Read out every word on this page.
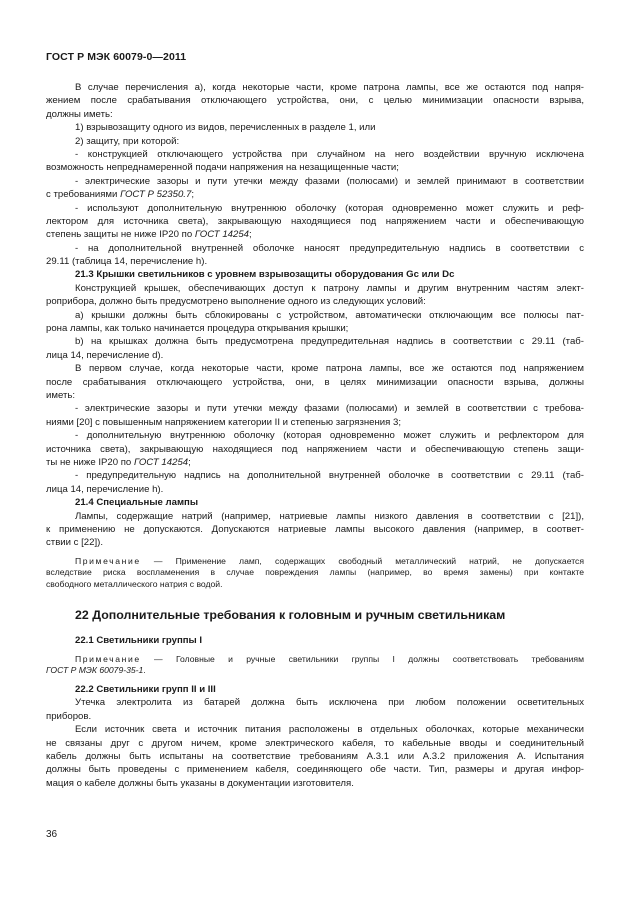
ГОСТ Р МЭК 60079-0—2011
В случае перечисления а), когда некоторые части, кроме патрона лампы, все же остаются под напря-
жением после срабатывания отключающего устройства, они, с целью минимизации опасности взрыва,
должны иметь:
1) взрывозащиту одного из видов, перечисленных в разделе 1, или
2) защиту, при которой:
- конструкцией отключающего устройства при случайном на него воздействии вручную исключена
возможность непреднамеренной подачи напряжения на незащищенные части;
- электрические зазоры и пути утечки между фазами (полюсами) и землей принимают в соответствии
с требованиями ГОСТ Р 52350.7;
- используют дополнительную внутреннюю оболочку (которая одновременно может служить и реф-
лектором для источника света), закрывающую находящиеся под напряжением части и обеспечивающую
степень защиты не ниже IP20 по ГОСТ 14254;
- на дополнительной внутренней оболочке наносят предупредительную надпись в соответствии с
29.11 (таблица 14, перечисление h).
21.3 Крышки светильников с уровнем взрывозащиты оборудования Gc или Dc
Конструкцией крышек, обеспечивающих доступ к патрону лампы и другим внутренним частям элект-
роприбора, должно быть предусмотрено выполнение одного из следующих условий:
a) крышки должны быть сблокированы с устройством, автоматически отключающим все полюсы пат-
рона лампы, как только начинается процедура открывания крышки;
b) на крышках должна быть предусмотрена предупредительная надпись в соответствии с 29.11 (таб-
лица 14, перечисление d).
В первом случае, когда некоторые части, кроме патрона лампы, все же остаются под напряжением
после срабатывания отключающего устройства, они, в целях минимизации опасности взрыва, должны
иметь:
- электрические зазоры и пути утечки между фазами (полюсами) и землей в соответствии с требова-
ниями [20] с повышенным напряжением категории II и степенью загрязнения 3;
- дополнительную внутреннюю оболочку (которая одновременно может служить и рефлектором для
источника света), закрывающую находящиеся под напряжением части и обеспечивающую степень защи-
ты не ниже IP20 по ГОСТ 14254;
- предупредительную надпись на дополнительной внутренней оболочке в соответствии с 29.11 (таб-
лица 14, перечисление h).
21.4 Специальные лампы
Лампы, содержащие натрий (например, натриевые лампы низкого давления в соответствии с [21]),
к применению не допускаются. Допускаются натриевые лампы высокого давления (например, в соответ-
ствии с [22]).
Примечание — Применение ламп, содержащих свободный металлический натрий, не допускается
вследствие риска воспламенения в случае повреждения лампы (например, во время замены) при контакте
свободного металлического натрия с водой.
22 Дополнительные требования к головным и ручным светильникам
22.1 Светильники группы I
Примечание — Головные и ручные светильники группы I должны соответствовать требованиям
ГОСТ Р МЭК 60079-35-1.
22.2 Светильники групп II и III
Утечка электролита из батарей должна быть исключена при любом положении осветительных
приборов.
Если источник света и источник питания расположены в отдельных оболочках, которые механически
не связаны друг с другом ничем, кроме электрического кабеля, то кабельные вводы и соединительный
кабель должны быть испытаны на соответствие требованиям А.3.1 или А.3.2 приложения А. Испытания
должны быть проведены с применением кабеля, соединяющего обе части. Тип, размеры и другая инфор-
мация о кабеле должны быть указаны в документации изготовителя.
36
